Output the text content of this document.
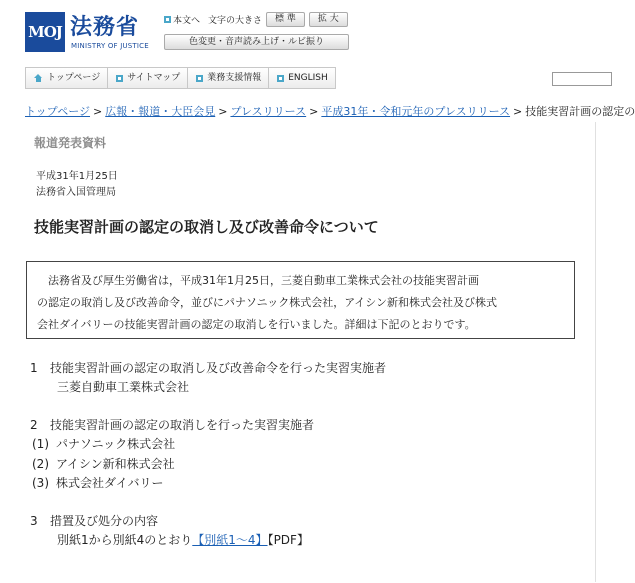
MOJ 法務省
MINISTRY OF JUSTICE
本文へ 文字の大きさ	標 準	拡 大
色変更・音声読み上げ・ルビ振り
トップページ	サイトマップ	業務支援情報	ENGLISH
トップページ > 広報・報道・大臣会見 > プレスリリース > 平成31年・令和元年のプレスリリース > 技能実習計画の認定の
報道発表資料
平成31年1月25日
法務省入国管理局
技能実習計画の認定の取消し及び改善命令について

法務省及び厚生労働省は，平成31年1月25日，三菱自動車工業株式会社の技能実習計画

の認定の取消し及び改善命令，並びにパナソニック株式会社，アイシン新和株式会社及び株式
会社ダイバリーの技能実習計画の認定の取消しを行いました。詳細は下記のとおりです。
1 技能実習計画の認定の取消し及び改善命令を行った実習実施者
三菱自動車工業株式会社
2 技能実習計画の認定の取消しを行った実習実施者
(1) パナソニック株式会社
(2) アイシン新和株式会社
(3) 株式会社ダイバリー
3 措置及び処分の内容
別紙1から別紙4のとおり【別紙1～4】【PDF】
